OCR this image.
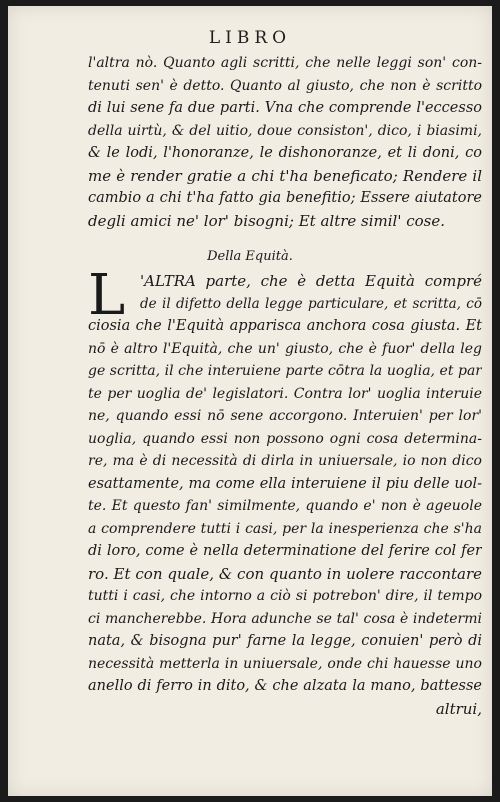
LIBRO
l'altra nò. Quanto agli scritti, che nelle leggi son' con-
tenuti sen' è detto. Quanto al giusto, che non è scritto
di lui sene fa due parti. Vna che comprende l'eccesso
della uirtù, & del uitio, doue consiston', dico, i biasimi,
& le lodi, l'honoranze, le dishonoranze, et li doni, co
me è render gratie a chi t'ha beneficato; Rendere il
cambio a chi t'ha fatto gia benefitio; Essere aiutatore
degli amici ne' lor' bisogni; Et altre simil' cose.
Della Equità.
L 'ALTRA parte, che è detta Equità compré
de il difetto della legge particulare, et scritta, cō
ciosia che l'Equità apparisca anchora cosa giusta. Et
nō è altro l'Equità, che un' giusto, che è fuor' della leg
ge scritta, il che interuiene parte cōtra la uoglia, et par
te per uoglia de' legislatori. Contra lor' uoglia interuie
ne, quando essi nō sene accorgono. Interuien' per lor'
uoglia, quando essi non possono ogni cosa determina-
re, ma è di necessità di dirla in uniuersale, io non dico
esattamente, ma come ella interuiene il piu delle uol-
te. Et questo fan' similmente, quando e' non è ageuole
a comprendere tutti i casi, per la inesperienza che s'ha
di loro, come è nella determinatione del ferire col fer
ro. Et con quale, & con quanto in uolere raccontare
tutti i casi, che intorno a ciò si potrebon' dire, il tempo
ci mancherebbe. Hora adunche se tal' cosa è indetermi
nata, & bisogna pur' farne la legge, conuien' però di
necessità metterla in uniuersale, onde chi hauesse uno
anello di ferro in dito, & che alzata la mano, battesse
altrui,
